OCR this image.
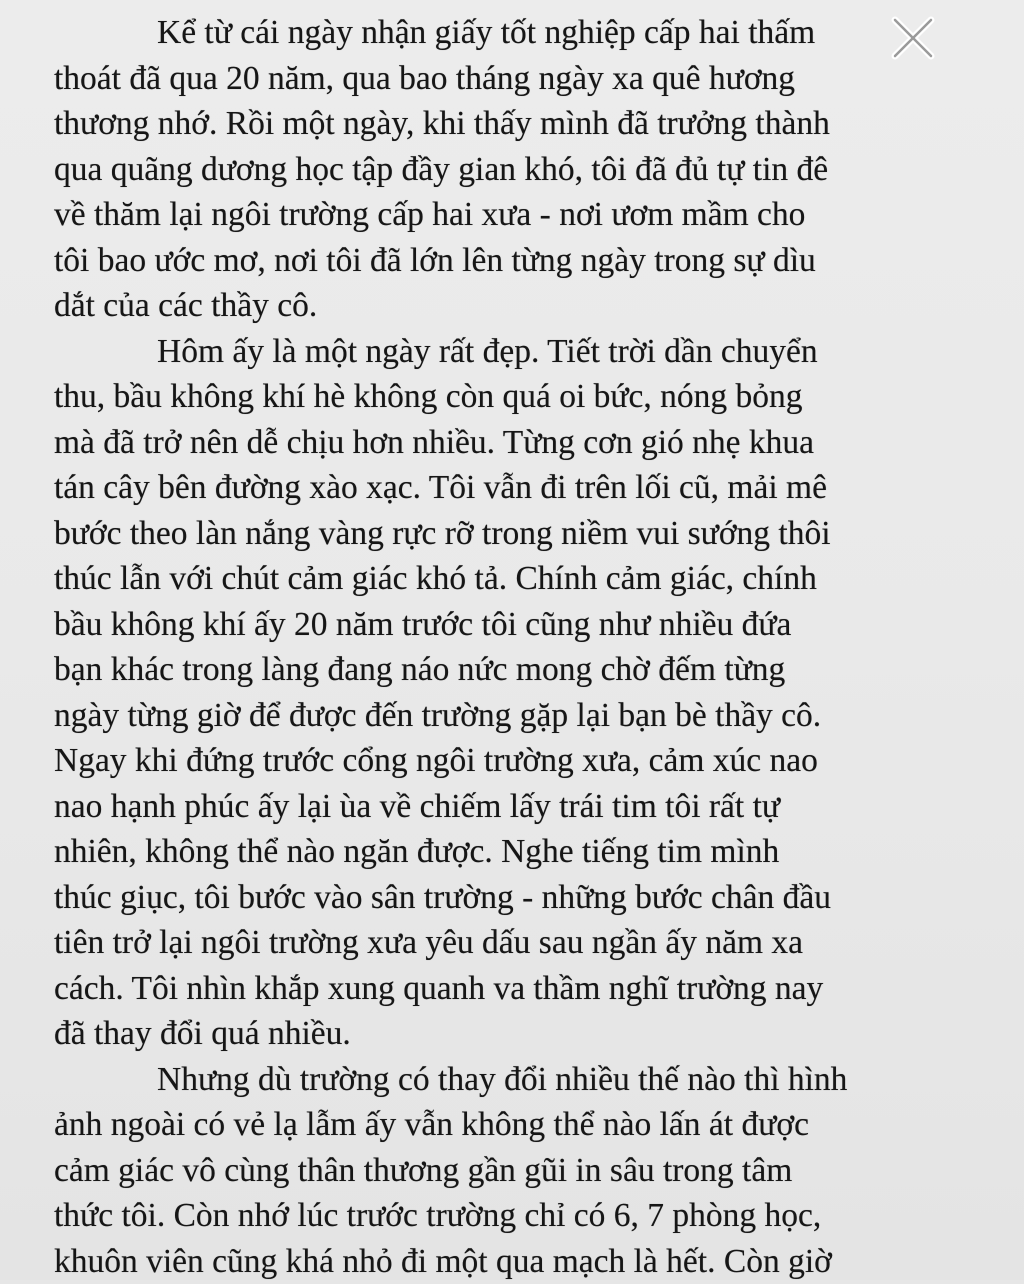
Kể từ cái ngày nhận giấy tốt nghiệp cấp hai thấm
thoát đã qua 20 năm, qua bao tháng ngày xa quê hương
thương nhớ. Rồi một ngày, khi thấy mình đã trưởng thành
qua quãng dương học tập đầy gian khó, tôi đã đủ tự tin đê
về thăm lại ngôi trường cấp hai xưa - nơi ươm mầm cho
tôi bao ước mơ, nơi tôi đã lớn lên từng ngày trong sự dìu
dắt của các thầy cô.
Hôm ấy là một ngày rất đẹp. Tiết trời dần chuyển
thu, bầu không khí hè không còn quá oi bức, nóng bỏng
mà đã trở nên dễ chịu hơn nhiều. Từng cơn gió nhẹ khua
tán cây bên đường xào xạc. Tôi vẫn đi trên lối cũ, mải mê
bước theo làn nắng vàng rực rỡ trong niềm vui sướng thôi
thúc lẫn với chút cảm giác khó tả. Chính cảm giác, chính
bầu không khí ấy 20 năm trước tôi cũng như nhiều đứa
bạn khác trong làng đang náo nức mong chờ đếm từng
ngày từng giờ để được đến trường gặp lại bạn bè thầy cô.
Ngay khi đứng trước cổng ngôi trường xưa, cảm xúc nao
nao hạnh phúc ấy lại ùa về chiếm lấy trái tim tôi rất tự
nhiên, không thể nào ngăn được. Nghe tiếng tim mình
thúc giục, tôi bước vào sân trường - những bước chân đầu
tiên trở lại ngôi trường xưa yêu dấu sau ngần ấy năm xa
cách. Tôi nhìn khắp xung quanh va thầm nghĩ trường nay
đã thay đổi quá nhiều.
Nhưng dù trường có thay đổi nhiều thế nào thì hình
ảnh ngoài có vẻ lạ lẫm ấy vẫn không thể nào lấn át được
cảm giác vô cùng thân thương gần gũi in sâu trong tâm
thức tôi. Còn nhớ lúc trước trường chỉ có 6, 7 phòng học,
khuôn viên cũng khá nhỏ đi một qua mạch là hết. Còn giờ
